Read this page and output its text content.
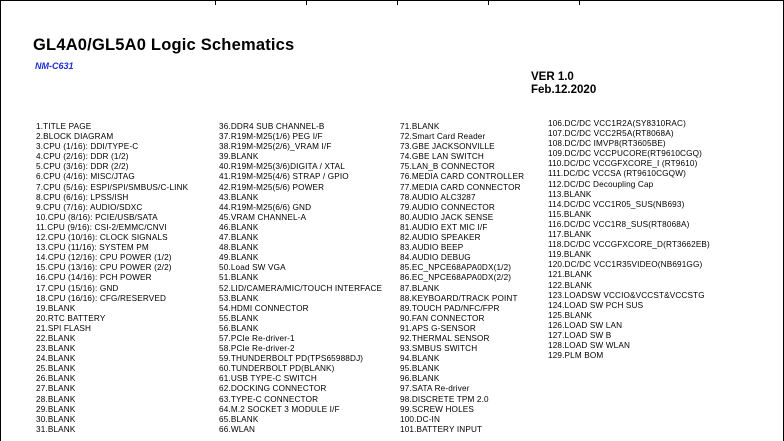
GL4A0/GL5A0 Logic Schematics
NM-C631
VER 1.0
Feb.12.2020
1.TITLE PAGE
2.BLOCK DIAGRAM
3.CPU (1/16): DDI/TYPE-C
4.CPU (2/16): DDR (1/2)
5.CPU (3/16): DDR (2/2)
6.CPU (4/16): MISC/JTAG
7.CPU (5/16): ESPI/SPI/SMBUS/C-LINK
8.CPU (6/16): LPSS/ISH
9.CPU (7/16): AUDIO/SDXC
10.CPU (8/16): PCIE/USB/SATA
11.CPU (9/16): CSI-2/EMMC/CNVI
12.CPU (10/16): CLOCK SIGNALS
13.CPU (11/16): SYSTEM PM
14.CPU (12/16): CPU POWER (1/2)
15.CPU (13/16): CPU POWER (2/2)
16.CPU (14/16): PCH POWER
17.CPU (15/16): GND
18.CPU (16/16): CFG/RESERVED
19.BLANK
20.RTC BATTERY
21.SPI FLASH
22.BLANK
23.BLANK
24.BLANK
25.BLANK
26.BLANK
27.BLANK
28.BLANK
29.BLANK
30.BLANK
31.BLANK
36.DDR4 SUB CHANNEL-B
37.R19M-M25(1/6) PEG I/F
38.R19M-M25(2/6)_VRAM I/F
39.BLANK
40.R19M-M25(3/6)DIGITA / XTAL
41.R19M-M25(4/6) STRAP / GPIO
42.R19M-M25(5/6) POWER
43.BLANK
44.R19M-M25(6/6) GND
45.VRAM CHANNEL-A
46.BLANK
47.BLANK
48.BLANK
49.BLANK
50.Load SW VGA
51.BLANK
52.LID/CAMERA/MIC/TOUCH INTERFACE
53.BLANK
54.HDMI CONNECTOR
55.BLANK
56.BLANK
57.PCIe Re-driver-1
58.PCIe Re-driver-2
59.THUNDERBOLT PD(TPS65988DJ)
60.TUNDERBOLT PD(BLANK)
61.USB TYPE-C SWITCH
62.DOCKING CONNECTOR
63.TYPE-C CONNECTOR
64.M.2 SOCKET 3 MODULE I/F
65.BLANK
66.WLAN
71.BLANK
72.Smart Card Reader
73.GBE JACKSONVILLE
74.GBE LAN SWITCH
75.LAN_B CONNECTOR
76.MEDIA CARD CONTROLLER
77.MEDIA CARD CONNECTOR
78.AUDIO ALC3287
79.AUDIO CONNECTOR
80.AUDIO JACK SENSE
81.AUDIO EXT MIC I/F
82.AUDIO SPEAKER
83.AUDIO BEEP
84.AUDIO DEBUG
85.EC_NPCE68APA0DX(1/2)
86.EC_NPCE68APA0DX(2/2)
87.BLANK
88.KEYBOARD/TRACK POINT
89.TOUCH PAD/NFC/FPR
90.FAN CONNECTOR
91.APS G-SENSOR
92.THERMAL SENSOR
93.SMBUS SWITCH
94.BLANK
95.BLANK
96.BLANK
97.SATA Re-driver
98.DISCRETE TPM 2.0
99.SCREW HOLES
100.DC-IN
101.BATTERY INPUT
106.DC/DC VCC1R2A(SY8310RAC)
107.DC/DC VCC2R5A(RT8068A)
108.DC/DC IMVP8(RT3605BE)
109.DC/DC VCCPUCORE(RT9610CGQ)
110.DC/DC VCCGFXCORE_I (RT9610)
111.DC/DC VCCSA (RT9610CGQW)
112.DC/DC Decoupling Cap
113.BLANK
114.DC/DC VCC1R05_SUS(NB693)
115.BLANK
116.DC/DC VCC1R8_SUS(RT8068A)
117.BLANK
118.DC/DC VCCGFXCORE_D(RT3662EB)
119.BLANK
120.DC/DC VCC1R35VIDEO(NB691GG)
121.BLANK
122.BLANK
123.LOADSW VCCIO&VCCST&VCCSTG
124.LOAD SW PCH SUS
125.BLANK
126.LOAD SW LAN
127.LOAD SW B
128.LOAD SW WLAN
129.PLM BOM
